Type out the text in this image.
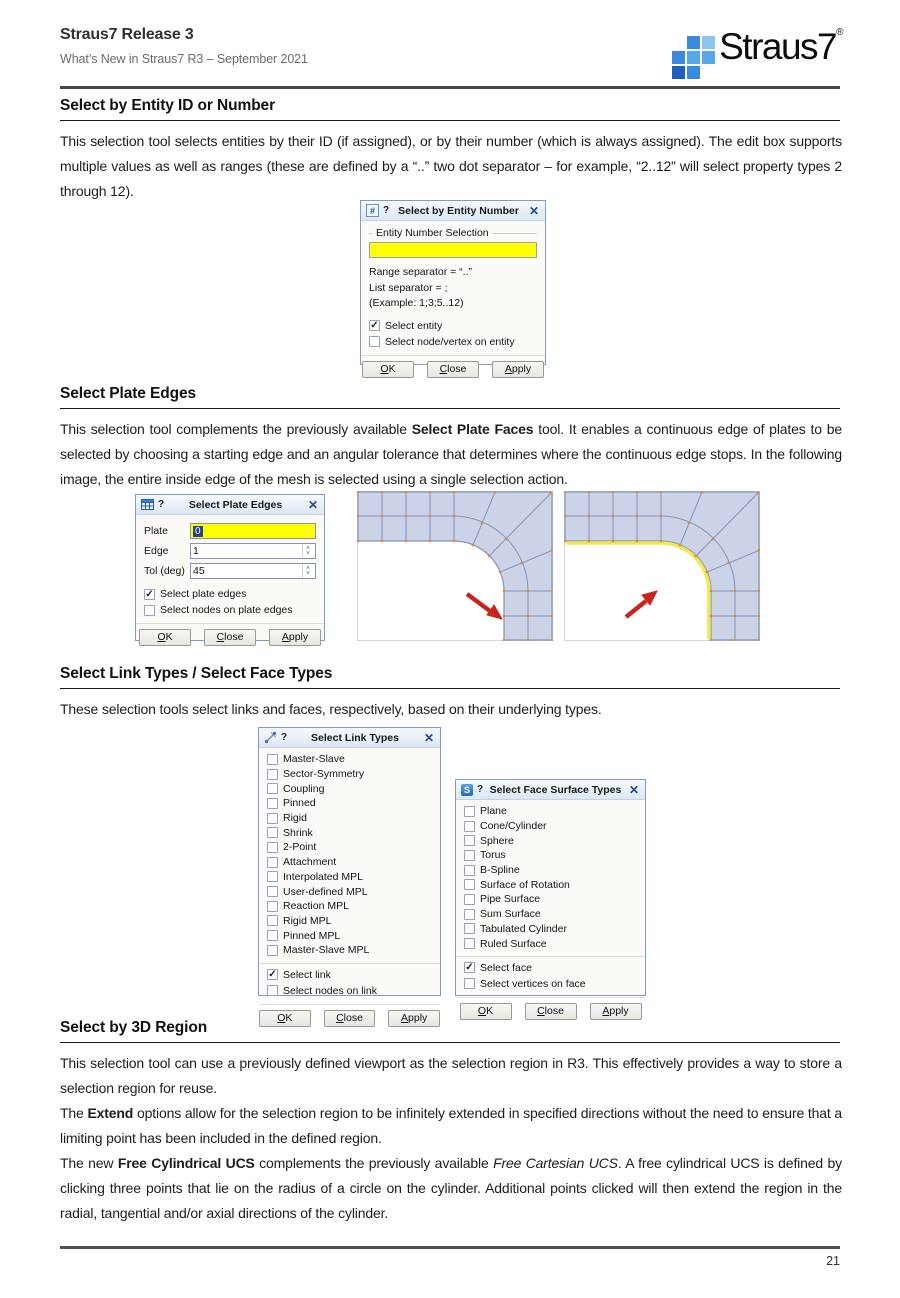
Straus7 Release 3
What’s New in Straus7 R3 – September 2021	Straus7®
Select by Entity ID or Number
This selection tool selects entities by their ID (if assigned), or by their number (which is always assigned). The edit box supports multiple values as well as ranges (these are defined by a “..” two dot separator – for example, “2..12” will select property types 2 through 12).
# ? Select by Entity Number ✕
Entity Number Selection
Range separator = “..”
List separator = ;
(Example: 1;3;5..12)
✓ Select entity
Select node/vertex on entity
OK	Close	Apply
Select Plate Edges
This selection tool complements the previously available Select Plate Faces tool. It enables a continuous edge of plates to be selected by choosing a starting edge and an angular tolerance that determines where the continuous edge stops. In the following image, the entire inside edge of the mesh is selected using a single selection action.
?	Select Plate Edges	✕
Plate	0
Edge	1	˄
˅
Tol (deg) 45	˄
˅
✓ Select plate edges
Select nodes on plate edges
OK	Close	Apply
Select Link Types / Select Face Types
These selection tools select links and faces, respectively, based on their underlying types.
?	Select Link Types	✕
Master-Slave
Sector-Symmetry
Coupling
Pinned
Rigid
Shrink
2-Point
Attachment
Interpolated MPL
User-defined MPL
Reaction MPL
Rigid MPL
Pinned MPL
Master-Slave MPL
✓ Select link
Select nodes on link
OK	Close	Apply
S ? Select Face Surface Types ✕
Plane
Cone/Cylinder
Sphere
Torus
B-Spline
Surface of Rotation
Pipe Surface
Sum Surface
Tabulated Cylinder
Ruled Surface
✓ Select face
Select vertices on face
OK	Close	Apply
Select by 3D Region
This selection tool can use a previously defined viewport as the selection region in R3. This effectively provides a way to store a selection region for reuse.
The Extend options allow for the selection region to be infinitely extended in specified directions without the need to ensure that a limiting point has been included in the defined region.
The new Free Cylindrical UCS complements the previously available Free Cartesian UCS. A free cylindrical UCS is defined by clicking three points that lie on the radius of a circle on the cylinder. Additional points clicked will then extend the region in the radial, tangential and/or axial directions of the cylinder.
21
